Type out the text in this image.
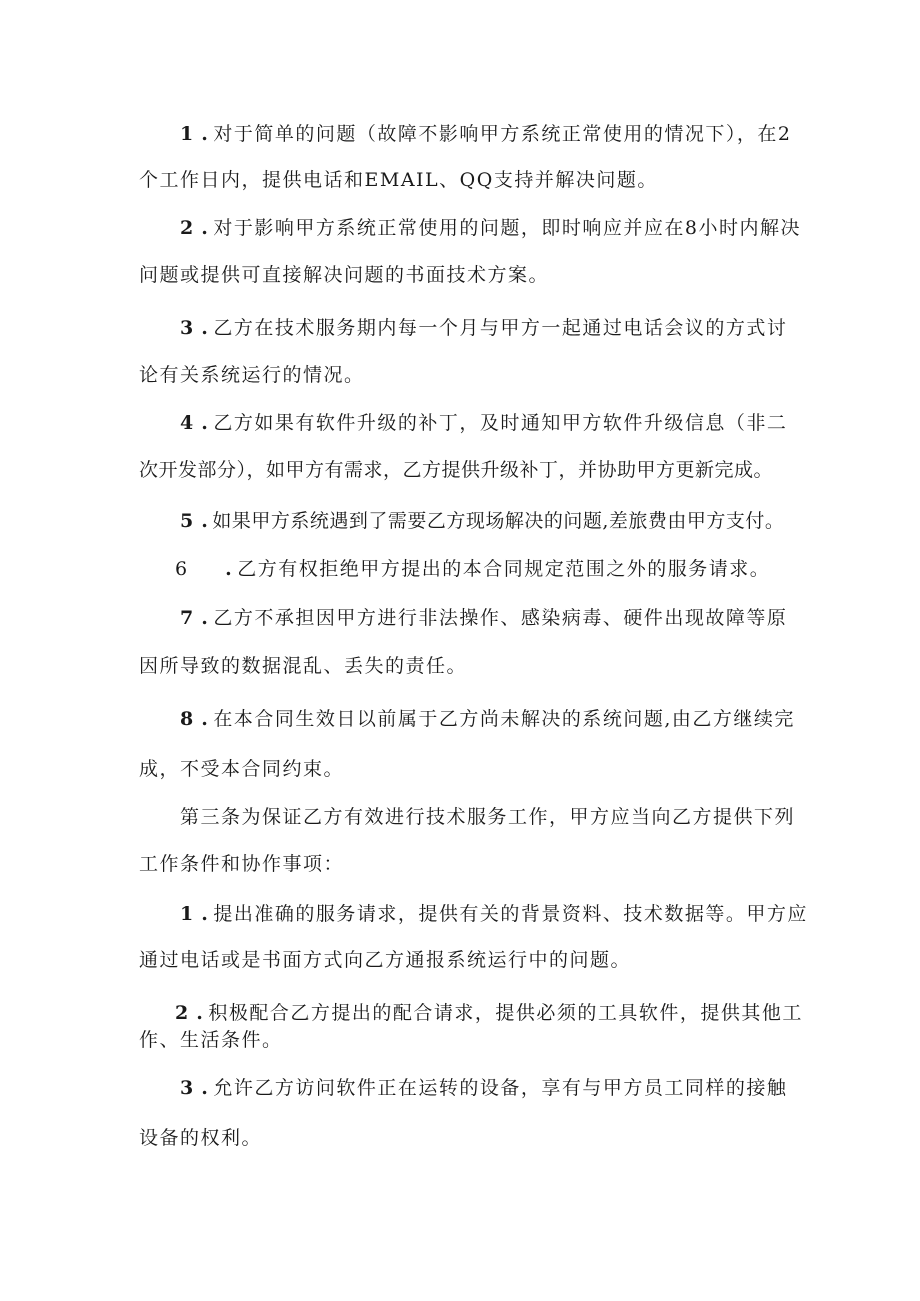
1 . 对于简单的问题（故障不影响甲方系统正常使用的情况下），在2
个工作日内，提供电话和EMAIL、QQ支持并解决问题。
2 . 对于影响甲方系统正常使用的问题，即时响应并应在8小时内解决
问题或提供可直接解决问题的书面技术方案。
3 . 乙方在技术服务期内每一个月与甲方一起通过电话会议的方式讨
论有关系统运行的情况。
4 . 乙方如果有软件升级的补丁，及时通知甲方软件升级信息（非二
次开发部分），如甲方有需求，乙方提供升级补丁，并协助甲方更新完成。
5 . 如果甲方系统遇到了需要乙方现场解决的问题,差旅费由甲方支付。
6 . 乙方有权拒绝甲方提出的本合同规定范围之外的服务请求。
7 . 乙方不承担因甲方进行非法操作、感染病毒、硬件出现故障等原
因所导致的数据混乱、丢失的责任。
8 . 在本合同生效日以前属于乙方尚未解决的系统问题,由乙方继续完
成，不受本合同约束。
第三条为保证乙方有效进行技术服务工作，甲方应当向乙方提供下列
工作条件和协作事项：
1 . 提出准确的服务请求，提供有关的背景资料、技术数据等。甲方应
通过电话或是书面方式向乙方通报系统运行中的问题。
2 . 积极配合乙方提出的配合请求，提供必须的工具软件，提供其他工
作、生活条件。
3 . 允许乙方访问软件正在运转的设备，享有与甲方员工同样的接触
设备的权利。
